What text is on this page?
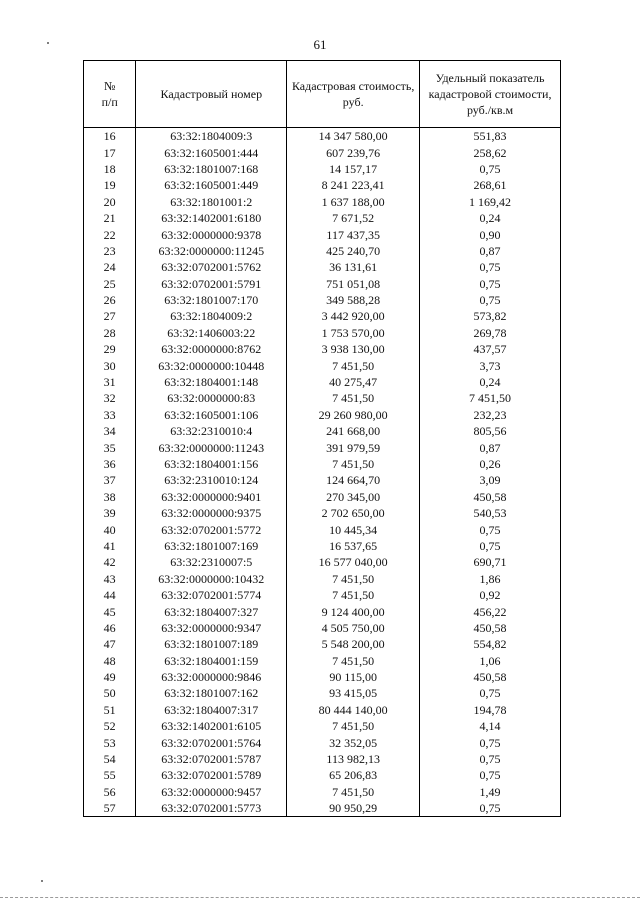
61
№
п/п	Кадастровый номер	Кадастровая стоимость, руб.	Удельный показатель кадастровой стоимости, руб./кв.м
16	63:32:1804009:3	14 347 580,00	551,83
17	63:32:1605001:444	607 239,76	258,62
18	63:32:1801007:168	14 157,17	0,75
19	63:32:1605001:449	8 241 223,41	268,61
20	63:32:1801001:2	1 637 188,00	1 169,42
21	63:32:1402001:6180	7 671,52	0,24
22	63:32:0000000:9378	117 437,35	0,90
23	63:32:0000000:11245	425 240,70	0,87
24	63:32:0702001:5762	36 131,61	0,75
25	63:32:0702001:5791	751 051,08	0,75
26	63:32:1801007:170	349 588,28	0,75
27	63:32:1804009:2	3 442 920,00	573,82
28	63:32:1406003:22	1 753 570,00	269,78
29	63:32:0000000:8762	3 938 130,00	437,57
30	63:32:0000000:10448	7 451,50	3,73
31	63:32:1804001:148	40 275,47	0,24
32	63:32:0000000:83	7 451,50	7 451,50
33	63:32:1605001:106	29 260 980,00	232,23
34	63:32:2310010:4	241 668,00	805,56
35	63:32:0000000:11243	391 979,59	0,87
36	63:32:1804001:156	7 451,50	0,26
37	63:32:2310010:124	124 664,70	3,09
38	63:32:0000000:9401	270 345,00	450,58
39	63:32:0000000:9375	2 702 650,00	540,53
40	63:32:0702001:5772	10 445,34	0,75
41	63:32:1801007:169	16 537,65	0,75
42	63:32:2310007:5	16 577 040,00	690,71
43	63:32:0000000:10432	7 451,50	1,86
44	63:32:0702001:5774	7 451,50	0,92
45	63:32:1804007:327	9 124 400,00	456,22
46	63:32:0000000:9347	4 505 750,00	450,58
47	63:32:1801007:189	5 548 200,00	554,82
48	63:32:1804001:159	7 451,50	1,06
49	63:32:0000000:9846	90 115,00	450,58
50	63:32:1801007:162	93 415,05	0,75
51	63:32:1804007:317	80 444 140,00	194,78
52	63:32:1402001:6105	7 451,50	4,14
53	63:32:0702001:5764	32 352,05	0,75
54	63:32:0702001:5787	113 982,13	0,75
55	63:32:0702001:5789	65 206,83	0,75
56	63:32:0000000:9457	7 451,50	1,49
57	63:32:0702001:5773	90 950,29	0,75
